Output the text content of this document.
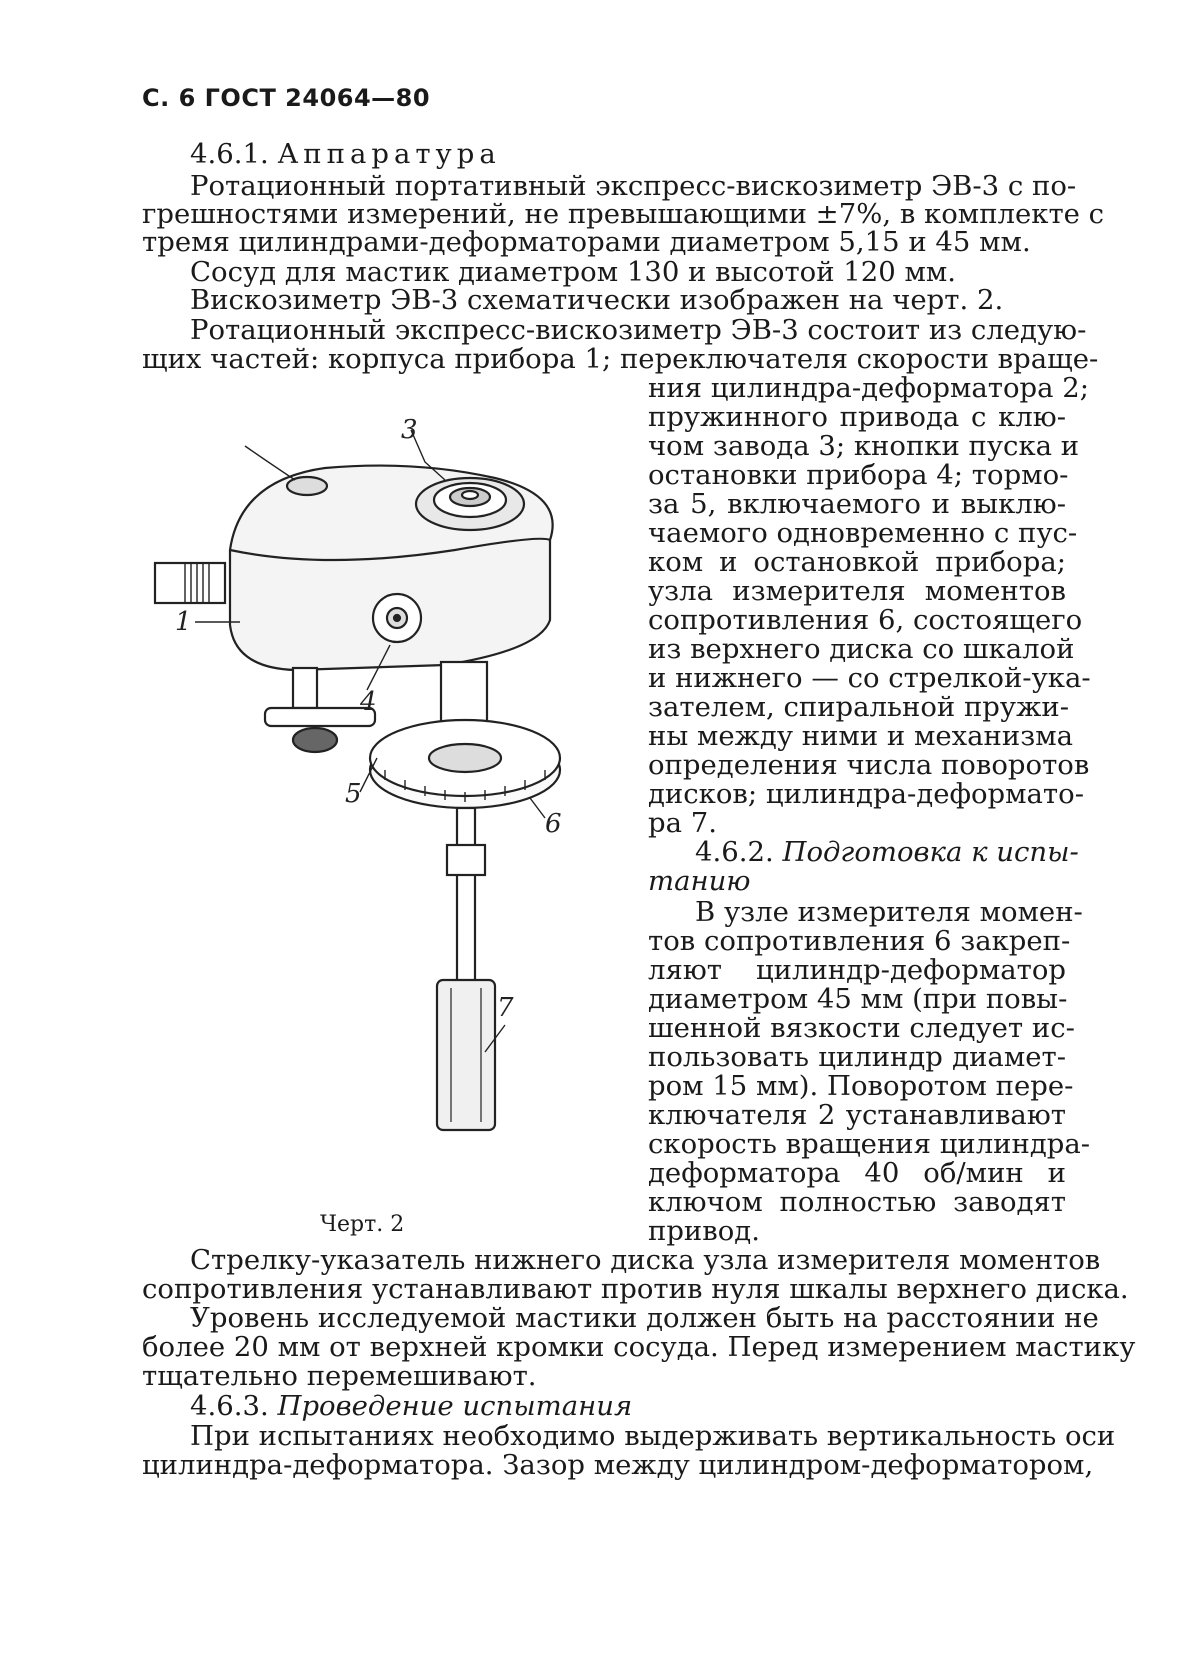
С. 6 ГОСТ 24064—80
4.6.1. Аппаратура
Ротационный портативный экспресс-вискозиметр ЭВ-3 с по-
грешностями измерений, не превышающими ±7%, в комплекте с
тремя цилиндрами-деформаторами диаметром 5,15 и 45 мм.
Сосуд для мастик диаметром 130 и высотой 120 мм.
Вискозиметр ЭВ-3 схематически изображен на черт. 2.
Ротационный экспресс-вискозиметр ЭВ-3 состоит из следую-
щих частей: корпуса прибора 1; переключателя скорости враще-
ния цилиндра-деформатора 2;
пружинного привода с клю-
чом завода 3; кнопки пуска и
остановки прибора 4; тормо-
за 5, включаемого и выклю-
чаемого одновременно с пус-
ком и остановкой прибора;
узла измерителя моментов
сопротивления 6, состоящего
из верхнего диска со шкалой
и нижнего — со стрелкой-ука-
зателем, спиральной пружи-
ны между ними и механизма
определения числа поворотов
дисков; цилиндра-деформато-
ра 7.
4.6.2. Подготовка к испы-
танию
В узле измерителя момен-
тов сопротивления 6 закреп-
ляют цилиндр-деформатор
диаметром 45 мм (при повы-
шенной вязкости следует ис-
пользовать цилиндр диамет-
ром 15 мм). Поворотом пере-
ключателя 2 устанавливают
скорость вращения цилиндра-
деформатора 40 об/мин и
ключом полностью заводят
привод.
1
3
4
5
6
7
Черт. 2
Стрелку-указатель нижнего диска узла измерителя моментов
сопротивления устанавливают против нуля шкалы верхнего диска.
Уровень исследуемой мастики должен быть на расстоянии не
более 20 мм от верхней кромки сосуда. Перед измерением мастику
тщательно перемешивают.
4.6.3. Проведение испытания
При испытаниях необходимо выдерживать вертикальность оси
цилиндра-деформатора. Зазор между цилиндром-деформатором,
